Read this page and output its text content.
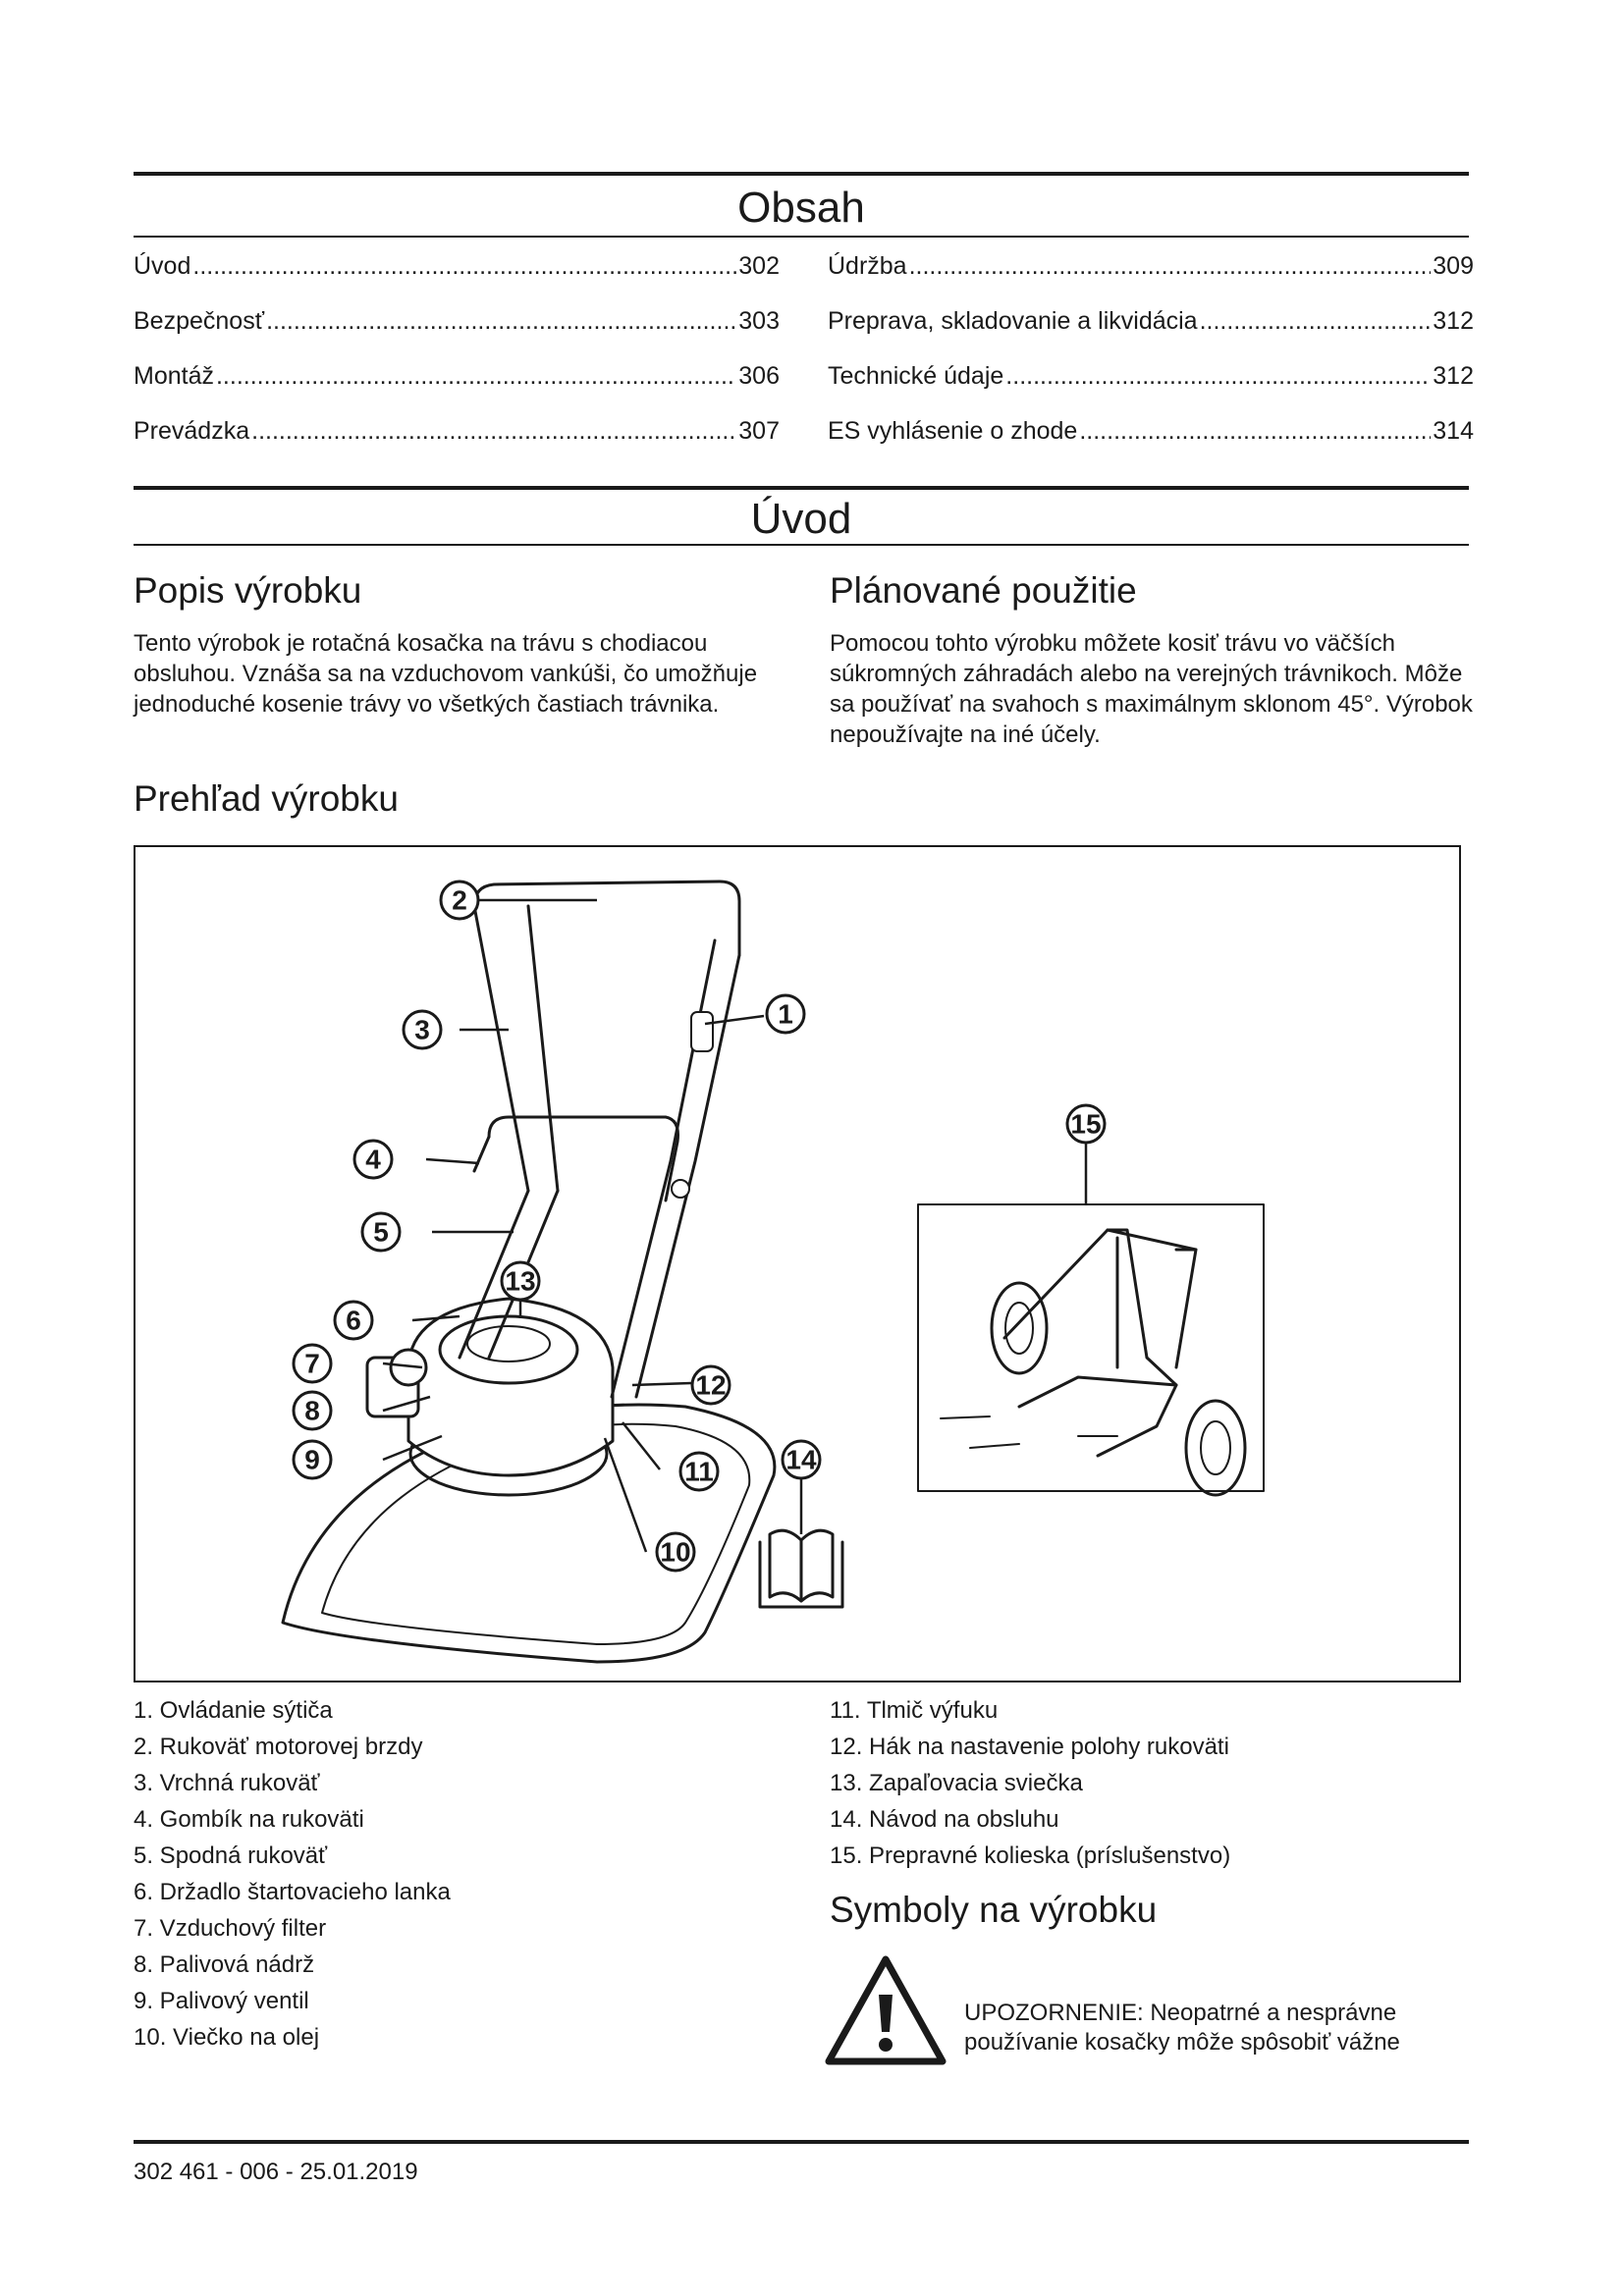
Obsah
Úvod .....	302
Bezpečnosť .....	303
Montáž .....	306
Prevádzka .....	307
Údržba .....	309
Preprava, skladovanie a likvidácia .....	312
Technické údaje .....	312
ES vyhlásenie o zhode .....	314
Úvod
Popis výrobku

Tento výrobok je rotačná kosačka na trávu s chodiacou obsluhou. Vznáša sa na vzduchovom vankúši, čo umožňuje jednoduché kosenie trávy vo všetkých častiach trávnika.

Plánované použitie

Pomocou tohto výrobku môžete kosiť trávu vo väčších súkromných záhradách alebo na verejných trávnikoch. Môže sa používať na svahoch s maximálnym sklonom 45°. Výrobok nepoužívajte na iné účely.

Prehľad výrobku
1
2
3
4
5
6
7
8
9
10
11
12
13
14
15
1. Ovládanie sýtiča
2. Rukoväť motorovej brzdy
3. Vrchná rukoväť
4. Gombík na rukoväti
5. Spodná rukoväť
6. Držadlo štartovacieho lanka
7. Vzduchový filter
8. Palivová nádrž
9. Palivový ventil
10. Viečko na olej
11. Tlmič výfuku
12. Hák na nastavenie polohy rukoväti
13. Zapaľovacia sviečka
14. Návod na obsluhu
15. Prepravné kolieska (príslušenstvo)
Symboly na výrobku

UPOZORNENIE: Neopatrné a nesprávne používanie kosačky môže spôsobiť vážne

302 461 - 006 - 25.01.2019
